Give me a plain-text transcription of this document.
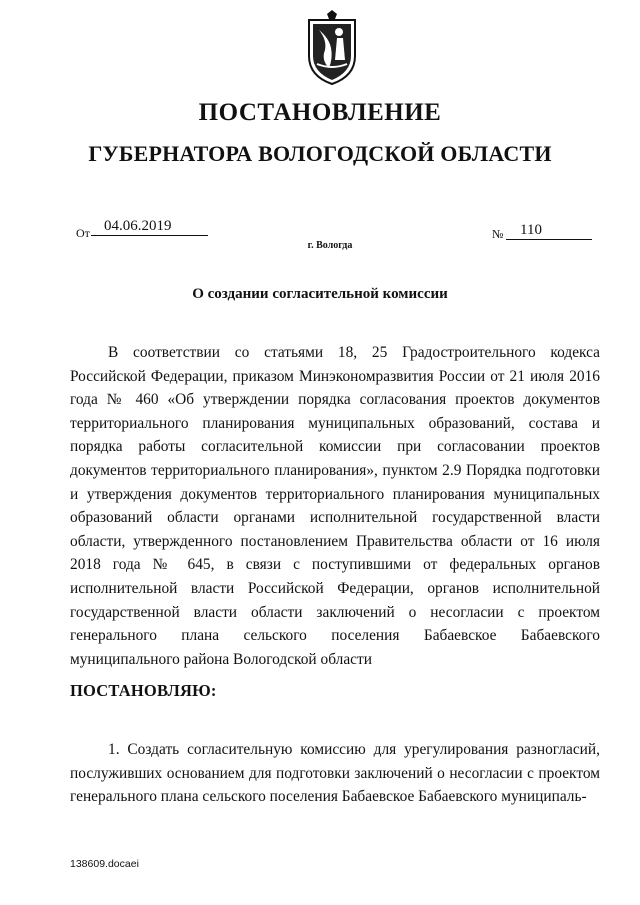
ПОСТАНОВЛЕНИЕ
ГУБЕРНАТОРА ВОЛОГОДСКОЙ ОБЛАСТИ
От 04.06.2019	№	110
г. Вологда
О создании согласительной комиссии

В соответствии со статьями 18, 25 Градостроительного кодекса Российской Федерации, приказом Минэкономразвития России от 21 июля 2016 года № 460 «Об утверждении порядка согласования проектов документов территориального планирования муниципальных образований, состава и порядка работы согласительной комиссии при согласовании проектов документов территориального планирования», пунктом 2.9 Порядка подготовки и утверждения документов территориального планирования муниципальных образований области органами исполнительной государственной власти области, утвержденного постановлением Правительства области от 16 июля 2018 года № 645, в связи с поступившими от федеральных органов исполнительной власти Российской Федерации, органов исполнительной государственной власти области заключений о несогласии с проектом генерального плана сельского поселения Бабаевское Бабаевского муниципального района Вологодской области

ПОСТАНОВЛЯЮ:

1. Создать согласительную комиссию для урегулирования разногласий, послуживших основанием для подготовки заключений о несогласии с проектом генерального плана сельского поселения Бабаевское Бабаевского муниципаль-

138609.docaei
